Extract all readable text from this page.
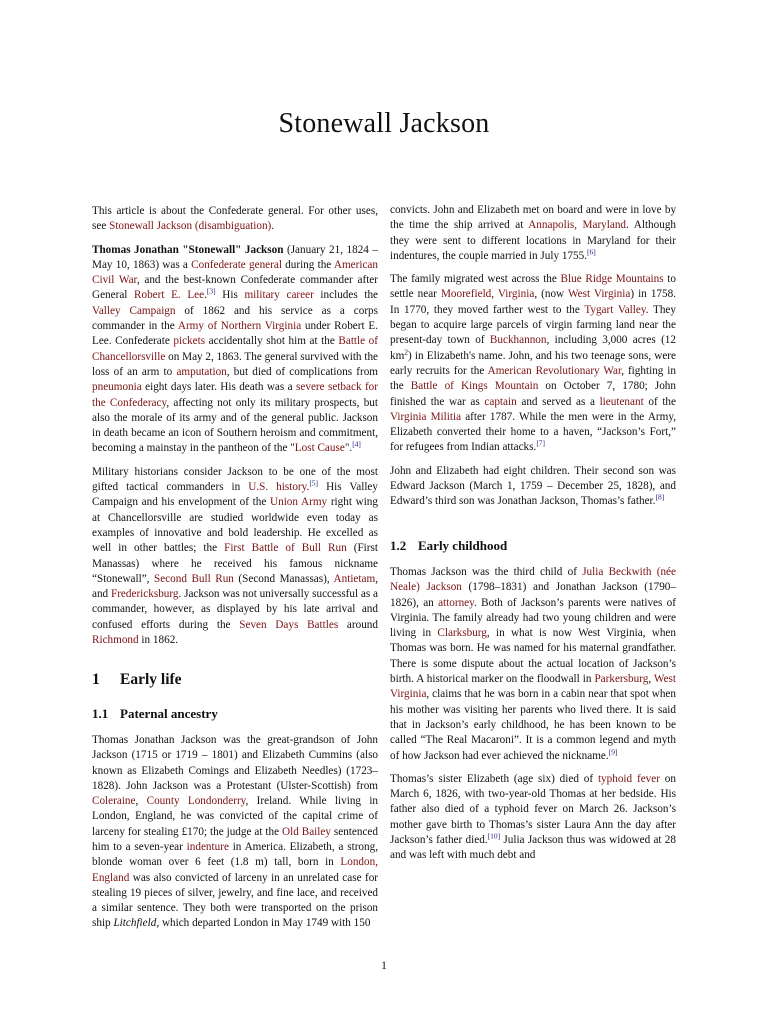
Stonewall Jackson

This article is about the Confederate general. For other uses, see Stonewall Jackson (disambiguation).

Thomas Jonathan "Stonewall" Jackson (January 21, 1824 – May 10, 1863) was a Confederate general during the American Civil War, and the best-known Confederate commander after General Robert E. Lee.[3] His military career includes the Valley Campaign of 1862 and his service as a corps commander in the Army of Northern Virginia under Robert E. Lee. Confederate pickets accidentally shot him at the Battle of Chancellorsville on May 2, 1863. The general survived with the loss of an arm to amputation, but died of complications from pneumonia eight days later. His death was a severe setback for the Confederacy, affecting not only its military prospects, but also the morale of its army and of the general public. Jackson in death became an icon of Southern heroism and commitment, becoming a mainstay in the pantheon of the "Lost Cause".[4]

Military historians consider Jackson to be one of the most gifted tactical commanders in U.S. history.[5] His Valley Campaign and his envelopment of the Union Army right wing at Chancellorsville are studied worldwide even today as examples of innovative and bold leadership. He excelled as well in other battles; the First Battle of Bull Run (First Manassas) where he received his famous nickname “Stonewall”, Second Bull Run (Second Manassas), Antietam, and Fredericksburg. Jackson was not universally successful as a commander, however, as displayed by his late arrival and confused efforts during the Seven Days Battles around Richmond in 1862.

1 Early life
1.1 Paternal ancestry

Thomas Jonathan Jackson was the great-grandson of John Jackson (1715 or 1719 – 1801) and Elizabeth Cummins (also known as Elizabeth Comings and Elizabeth Needles) (1723–1828). John Jackson was a Protestant (Ulster-Scottish) from Coleraine, County Londonderry, Ireland. While living in London, England, he was convicted of the capital crime of larceny for stealing £170; the judge at the Old Bailey sentenced him to a seven-year indenture in America. Elizabeth, a strong, blonde woman over 6 feet (1.8 m) tall, born in London, England was also convicted of larceny in an unrelated case for stealing 19 pieces of silver, jewelry, and fine lace, and received a similar sentence. They both were transported on the prison ship Litchfield, which departed London in May 1749 with 150

convicts. John and Elizabeth met on board and were in love by the time the ship arrived at Annapolis, Maryland. Although they were sent to different locations in Maryland for their indentures, the couple married in July 1755.[6]

The family migrated west across the Blue Ridge Mountains to settle near Moorefield, Virginia, (now West Virginia) in 1758. In 1770, they moved farther west to the Tygart Valley. They began to acquire large parcels of virgin farming land near the present-day town of Buckhannon, including 3,000 acres (12 $km^2$) in Elizabeth's name. John, and his two teenage sons, were early recruits for the American Revolutionary War, fighting in the Battle of Kings Mountain on October 7, 1780; John finished the war as captain and served as a lieutenant of the Virginia Militia after 1787. While the men were in the Army, Elizabeth converted their home to a haven, “Jackson’s Fort,” for refugees from Indian attacks.[7]

John and Elizabeth had eight children. Their second son was Edward Jackson (March 1, 1759 – December 25, 1828), and Edward’s third son was Jonathan Jackson, Thomas’s father.[8]

1.2 Early childhood

Thomas Jackson was the third child of Julia Beckwith (née Neale) Jackson (1798–1831) and Jonathan Jackson (1790–1826), an attorney. Both of Jackson’s parents were natives of Virginia. The family already had two young children and were living in Clarksburg, in what is now West Virginia, when Thomas was born. He was named for his maternal grandfather. There is some dispute about the actual location of Jackson’s birth. A historical marker on the floodwall in Parkersburg, West Virginia, claims that he was born in a cabin near that spot when his mother was visiting her parents who lived there. It is said that in Jackson’s early childhood, he has been known to be called “The Real Macaroni”. It is a common legend and myth of how Jackson had ever achieved the nickname.[9]

Thomas’s sister Elizabeth (age six) died of typhoid fever on March 6, 1826, with two-year-old Thomas at her bedside. His father also died of a typhoid fever on March 26. Jackson’s mother gave birth to Thomas’s sister Laura Ann the day after Jackson’s father died.[10] Julia Jackson thus was widowed at 28 and was left with much debt and

1
